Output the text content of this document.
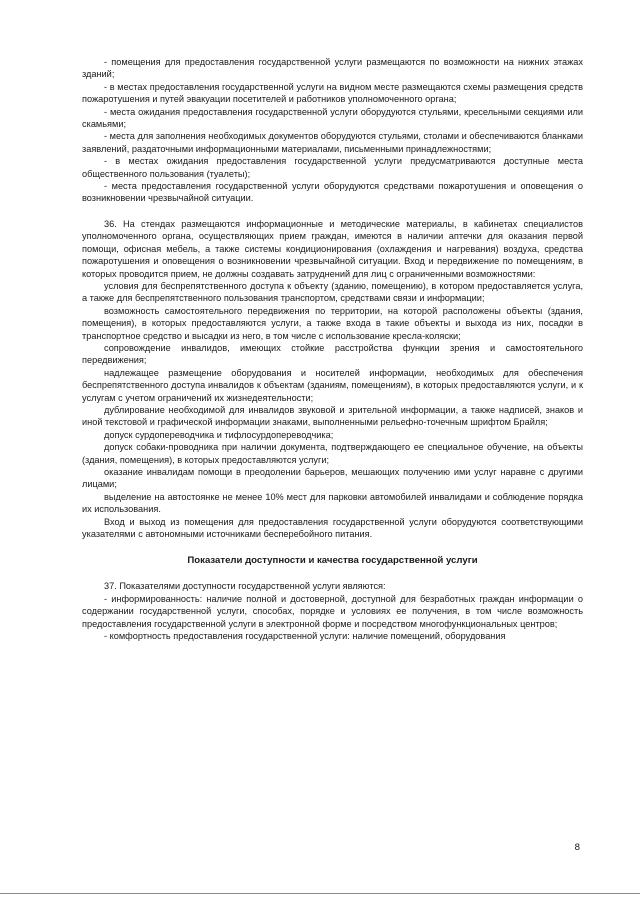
- помещения для предоставления государственной услуги размещаются по возможности на нижних этажах зданий;

- в местах предоставления государственной услуги на видном месте размещаются схемы размещения средств пожаротушения и путей эвакуации посетителей и работников уполномоченного органа;

- места ожидания предоставления государственной услуги оборудуются стульями, кресельными секциями или скамьями;

- места для заполнения необходимых документов оборудуются стульями, столами и обеспечиваются бланками заявлений, раздаточными информационными материалами, письменными принадлежностями;

- в местах ожидания предоставления государственной услуги предусматриваются доступные места общественного пользования (туалеты);

- места предоставления государственной услуги оборудуются средствами пожаротушения и оповещения о возникновении чрезвычайной ситуации.

36. На стендах размещаются информационные и методические материалы, в кабинетах специалистов уполномоченного органа, осуществляющих прием граждан, имеются в наличии аптечки для оказания первой помощи, офисная мебель, а также системы кондиционирования (охлаждения и нагревания) воздуха, средства пожаротушения и оповещения о возникновении чрезвычайной ситуации. Вход и передвижение по помещениям, в которых проводится прием, не должны создавать затруднений для лиц с ограниченными возможностями:

условия для беспрепятственного доступа к объекту (зданию, помещению), в котором предоставляется услуга, а также для беспрепятственного пользования транспортом, средствами связи и информации;

возможность самостоятельного передвижения по территории, на которой расположены объекты (здания, помещения), в которых предоставляются услуги, а также входа в такие объекты и выхода из них, посадки в транспортное средство и высадки из него, в том числе с использование кресла-коляски;

сопровождение инвалидов, имеющих стойкие расстройства функции зрения и самостоятельного передвижения;

надлежащее размещение оборудования и носителей информации, необходимых для обеспечения беспрепятственного доступа инвалидов к объектам (зданиям, помещениям), в которых предоставляются услуги, и к услугам с учетом ограничений их жизнедеятельности;

дублирование необходимой для инвалидов звуковой и зрительной информации, а также надписей, знаков и иной текстовой и графической информации знаками, выполненными рельефно-точечным шрифтом Брайля;

допуск сурдопереводчика и тифлосурдопереводчика;

допуск собаки-проводника при наличии документа, подтверждающего ее специальное обучение, на объекты (здания, помещения), в которых предоставляются услуги;

оказание инвалидам помощи в преодолении барьеров, мешающих получению ими услуг наравне с другими лицами;

выделение на автостоянке не менее 10% мест для парковки автомобилей инвалидами и соблюдение порядка их использования.

Вход и выход из помещения для предоставления государственной услуги оборудуются соответствующими указателями с автономными источниками бесперебойного питания.

Показатели доступности и качества государственной услуги

37. Показателями доступности государственной услуги являются:

- информированность: наличие полной и достоверной, доступной для безработных граждан информации о содержании государственной услуги, способах, порядке и условиях ее получения, в том числе возможность предоставления государственной услуги в электронной форме и посредством многофункциональных центров;

- комфортность предоставления государственной услуги: наличие помещений, оборудования

8
